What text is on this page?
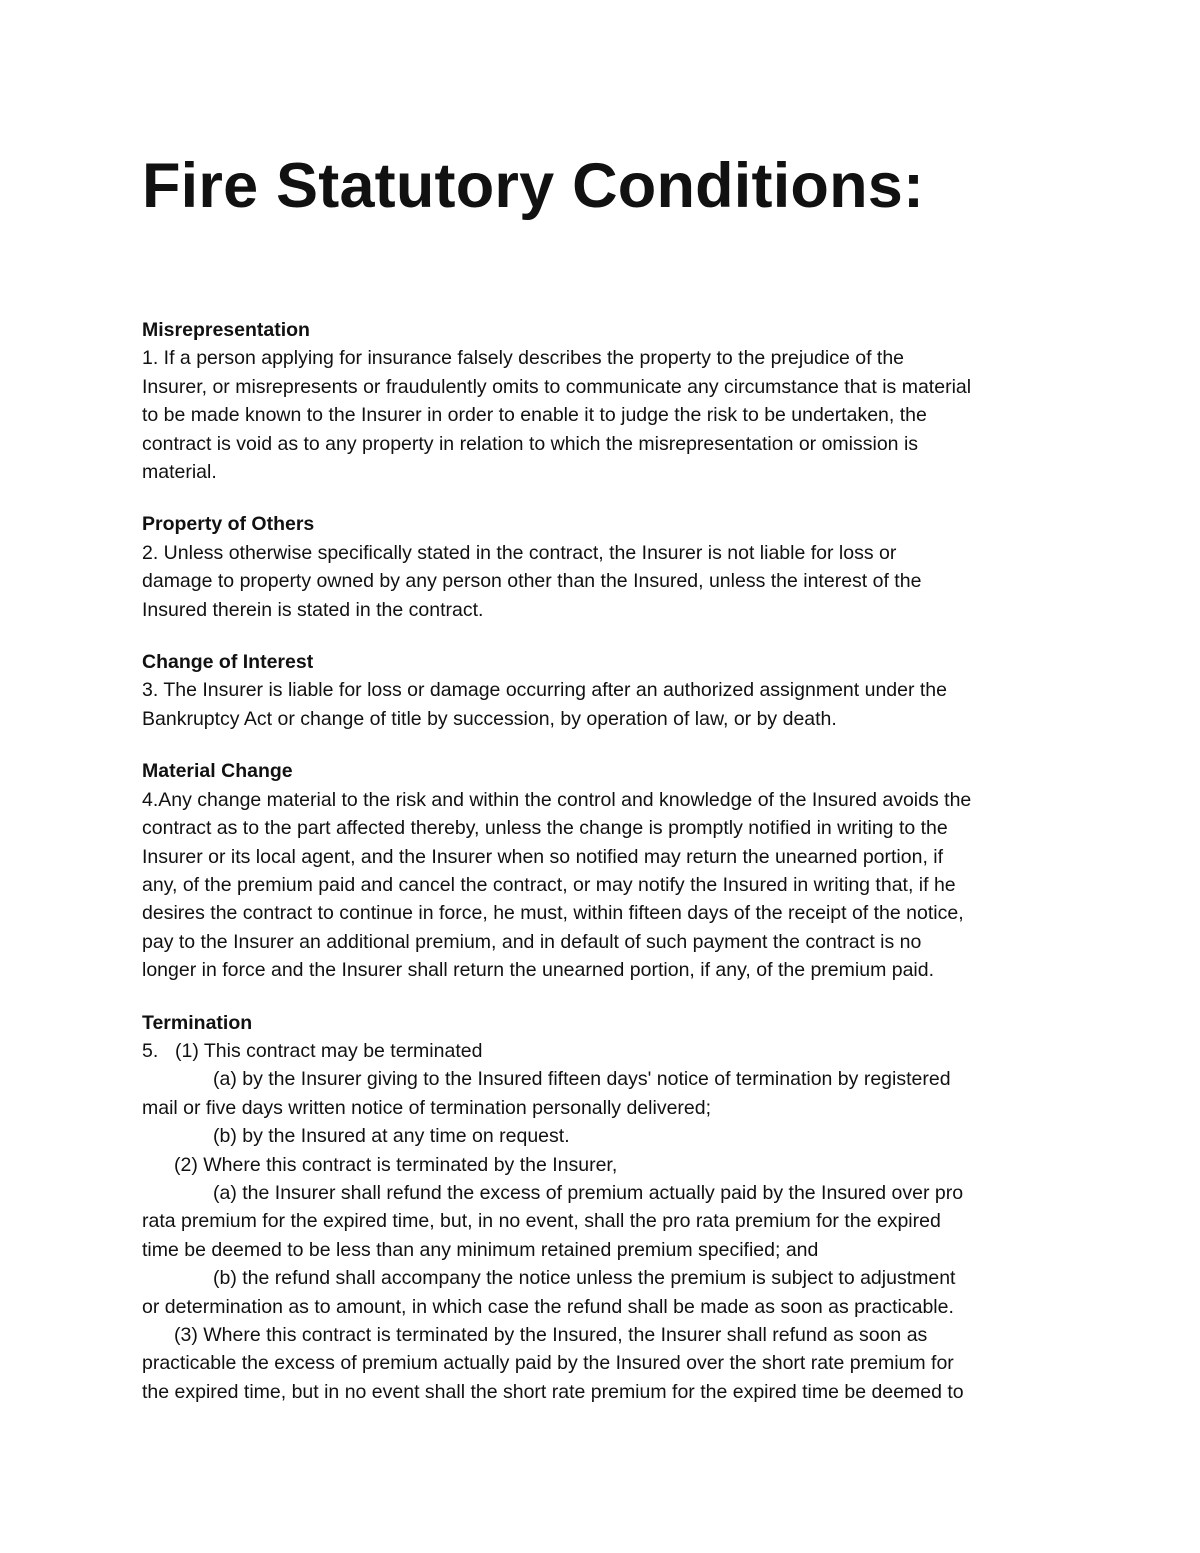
Fire Statutory Conditions:
Misrepresentation
1. If a person applying for insurance falsely describes the property to the prejudice of the
Insurer, or misrepresents or fraudulently omits to communicate any circumstance that is material
to be made known to the Insurer in order to enable it to judge the risk to be undertaken, the
contract is void as to any property in relation to which the misrepresentation or omission is
material.
Property of Others
2. Unless otherwise specifically stated in the contract, the Insurer is not liable for loss or
damage to property owned by any person other than the Insured, unless the interest of the
Insured therein is stated in the contract.
Change of Interest
3. The Insurer is liable for loss or damage occurring after an authorized assignment under the
Bankruptcy Act or change of title by succession, by operation of law, or by death.
Material Change
4.Any change material to the risk and within the control and knowledge of the Insured avoids the
contract as to the part affected thereby, unless the change is promptly notified in writing to the
Insurer or its local agent, and the Insurer when so notified may return the unearned portion, if
any, of the premium paid and cancel the contract, or may notify the Insured in writing that, if he
desires the contract to continue in force, he must, within fifteen days of the receipt of the notice,
pay to the Insurer an additional premium, and in default of such payment the contract is no
longer in force and the Insurer shall return the unearned portion, if any, of the premium paid.
Termination
5. (1) This contract may be terminated
(a) by the Insurer giving to the Insured fifteen days' notice of termination by registered
mail or five days written notice of termination personally delivered;
(b) by the Insured at any time on request.
(2) Where this contract is terminated by the Insurer,
(a) the Insurer shall refund the excess of premium actually paid by the Insured over pro
rata premium for the expired time, but, in no event, shall the pro rata premium for the expired
time be deemed to be less than any minimum retained premium specified; and
(b) the refund shall accompany the notice unless the premium is subject to adjustment
or determination as to amount, in which case the refund shall be made as soon as practicable.
(3) Where this contract is terminated by the Insured, the Insurer shall refund as soon as
practicable the excess of premium actually paid by the Insured over the short rate premium for
the expired time, but in no event shall the short rate premium for the expired time be deemed to
